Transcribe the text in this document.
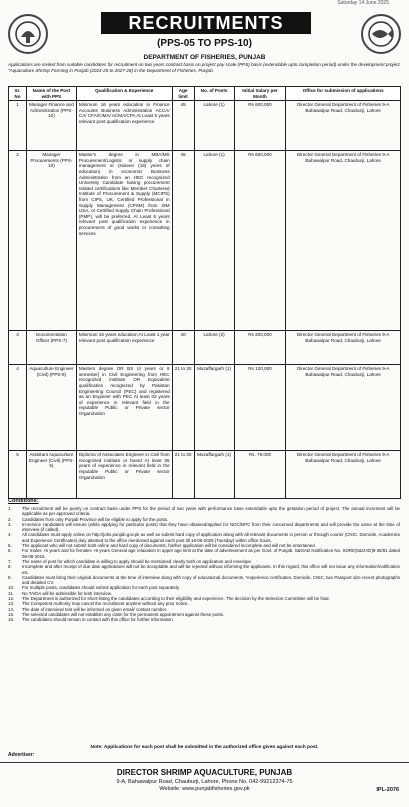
Saturday 14 June 2025
RECRUITMENTS
(PPS-05 TO PPS-10)
DEPARTMENT OF FISHERIES, PUNJAB
Applications are invited from suitable candidates for recruitment on two years contract basis on project pay scale (PPS) basis (extendable upto completion period) under the development project "Aquaculture Shrimp Farming in Punjab (2024-25 to 2027-28) in the Department of Fisheries, Punjab.
Sr. No	Name of the Post with PPS	Qualification & Experience	Age limit	No. of Posts	Initial Salary per Month	Office for submission of applications
1	Manager Finance and Administration (PPS-10)	Minimum 16 years education in Finance Accounts Business Administration ACCA/ CA/ CFA/CIMA/ ACMA/CPA At Least 5 years relevant post qualification experience	45	Lahore (1)	Rs 600,000	Director General Department of Fisheries 9-A Bahawalpur Road, Chauburji, Lahore
2	Manager Procurements (PPS-10)	Master's degree in MBA/MS Procurement/Logistic or supply chain management or (sixteen (16) years of education) in economic/ Business Administration from an HEC recognized University Candidate having procurement related certifications like Member Chartered Institute of Procurement & Supply (MCIPS) from CIPS, UK, Certified Professional in Supply Management (CPSM) from ISM USA, or Certified Supply Chain Professional (PMP), will be preferred. At Least 5 years relevant post qualification experience in procurement of good works or consulting services	45	Lahore (1)	Rs 600,000	Director General Department of Fisheries 9-A Bahawalpur Road, Chauburji, Lahore
3	Documentation Officer (PPS-7)	Minimum 16 years education At Least 1 year relevant post qualification experience	40	Lahore (2)	Rs 200,000	Director General Department of Fisheries 9-A Bahawalpur Road, Chauburji, Lahore
4	Aquaculture Engineer (Civil) (PPS-6)	Masters degree OR BS (4 years or 8 semester) in Civil Engineering from HEC recognized institute OR Equivalent qualification recognized by Pakistan Engineering Council (PEC) and registered as an Engineer with PEC At least 03 years of experience in relevant field in the reputable Public or Private sector Organization	21 to 30	Muzaffargarh (1)	Rs 120,000	Director General Department of Fisheries 9-A Bahawalpur Road, Chauburji, Lahore
5	Assistant Aquaculture Engineer (Civil) (PPS-5)	Diploma of Associates Engineer in Civil from recognized institute or board At least 05 years of experience in relevant field in the reputable Public or Private sector Organization	21 to 30	Muzaffargarh (1)	Rs. 75,000	Director General Department of Fisheries 9-A Bahawalpur Road, Chauburji, Lahore
Conditions:
1.	The recruitment will be purely on contract basis under PPS for the period of two years with performance base extendable upto the gestation period of project. The annual increment will be applicable as per approved criteria.
2.	Candidates from only Punjab Province will be eligible to apply for the posts.
3.	In-service candidates will ensure (while applying for particular posts) that they have obtained/applied for NOC/DPC from their concerned departments and will provide the same at the time of interview (if called).
4.	All candidates must apply online on http://jobs.punjab.gov.pk as well as submit hard copy of application along with all relevant documents in person or through courier (CNIC, Domicile, Academics and Experience Certificates) duly attested to the office mentioned against each post till 16-06-2025 (Tuesday) within office hours.
5.	The applicant who will not submit both online and hard copy of documents, his/her application will be considered incomplete and will not be entertained.
6.	For males +5 years and for females +8 years General age relaxation in upper age limit at the date of advertisement as per Govt. of Punjab, S&GAD Notification No. SORII(S&GAD)9-36/81 dated 08-08-2016.
7.	The name of post for which candidate is willing to apply should be mentioned clearly both on application and envelope.
8.	Incomplete and after receipt of due date applications will not be acceptable and will be rejected without informing the applicants. In this regard, this office will not issue any information/notification etc.
9.	Candidates must bring their original documents at the time of interview along with copy of educational documents, *experience certificates, Domicile, CNIC, two Passport size recent photographs and detailed CV.
10.	For multiple posts, candidates should submit application for each post separately.
11.	No TA/DA will be admissible for test/ interview.
12.	The Department is authorized for short-listing the candidates according to their eligibility and experience. The decision by the Selection Committee will be final.
13.	The Competent Authority may cancel the recruitment anytime without any prior notice.
14.	The date of interview/ test will be informed on given email/ contact number.
15.	The selected candidates will not establish any claim for the permanent appointment against these posts.
16.	The candidates should remain in contact with this office for further information.
Note: Applications for each post shall be submitted in the authorized office given against each post.
Advertiser:
DIRECTOR SHRIMP AQUACULTURE, PUNJAB
9-A, Bahawalpur Road, Chauburji, Lahore, Phone No. 042-99212374-75
Website: www.punjabfisheries.gov.pk	IPL-2076
